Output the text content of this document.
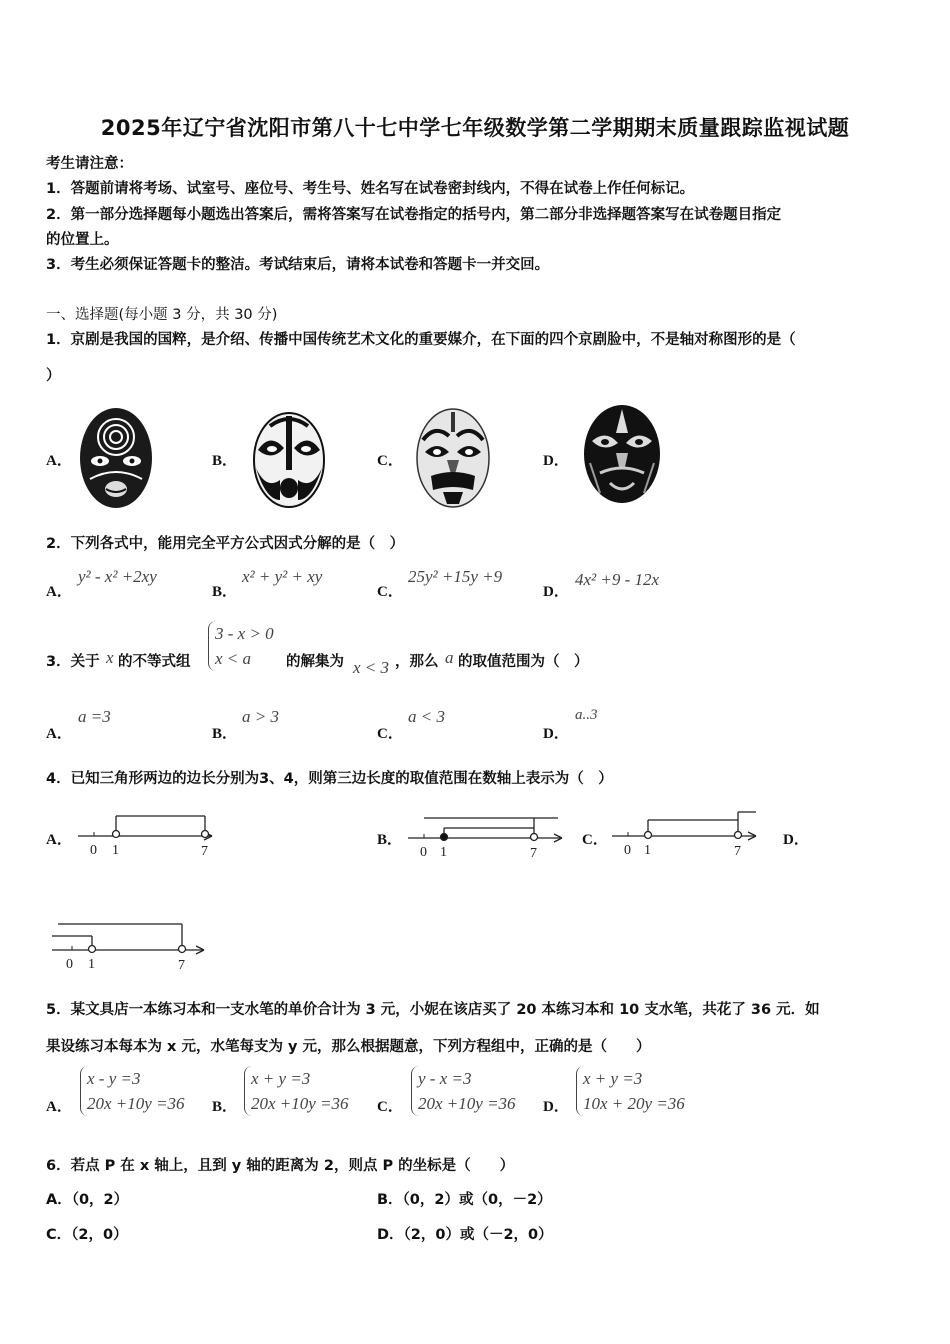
2025年辽宁省沈阳市第八十七中学七年级数学第二学期期末质量跟踪监视试题
考生请注意：
1．答题前请将考场、试室号、座位号、考生号、姓名写在试卷密封线内，不得在试卷上作任何标记。
2．第一部分选择题每小题选出答案后，需将答案写在试卷指定的括号内，第二部分非选择题答案写在试卷题目指定
的位置上。
3．考生必须保证答题卡的整洁。考试结束后，请将本试卷和答题卡一并交回。
一、选择题(每小题 3 分，共 30 分)
1．京剧是我国的国粹，是介绍、传播中国传统艺术文化的重要媒介，在下面的四个京剧脸中，不是轴对称图形的是（
）
A．	B．	C．	D．
2．下列各式中，能用完全平方公式因式分解的是（　）
A．
y² - x² +2xy
B．
x² + y² + xy
C．
25y² +15y +9
D．
4x² +9 - 12x
3．关于 x 的不等式组
3 - x > 0
x < a	的解集为 x < 3 ，那么 a 的取值范围为（　）
A．
a =3
B．
a > 3
C．
a < 3
D．
a..3
4．已知三角形两边的边长分别为3、4，则第三边长度的取值范围在数轴上表示为（　）
A．
0 1	7
B．
0 1	7
C．
0 1	7
D．
0 1	7
5．某文具店一本练习本和一支水笔的单价合计为 3 元，小妮在该店买了 20 本练习本和 10 支水笔，共花了 36 元．如
果设练习本每本为 x 元，水笔每支为 y 元，那么根据题意，下列方程组中，正确的是（　　）
A．
x - y =3
20x +10y =36 B．
x + y =3
20x +10y =36 C．
y - x =3
20x +10y =36 D．
x + y =3
10x + 20y =36
6．若点 P 在 x 轴上，且到 y 轴的距离为 2，则点 P 的坐标是（　　）
A．（0，2）	B．（0，2）或（0，－2）
C．（2，0）	D．（2，0）或（－2，0）
